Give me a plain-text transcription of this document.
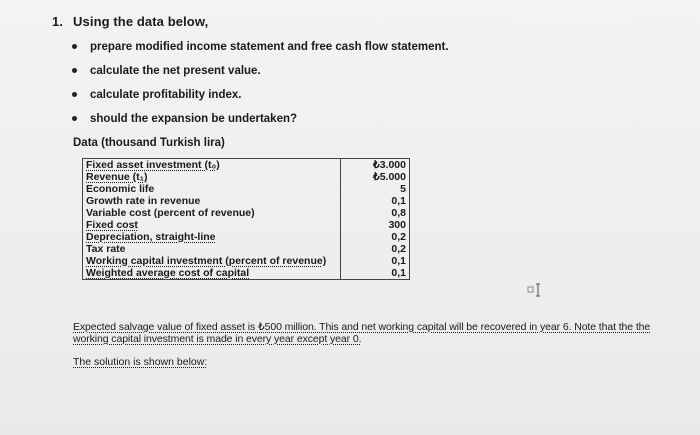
1. Using the data below,
prepare modified income statement and free cash flow statement.
calculate the net present value.
calculate profitability index.
should the expansion be undertaken?
Data (thousand Turkish lira)
Fixed asset investment (t₀)	₺3.000
Revenue (t₁)	₺5.000
Economic life	5
Growth rate in revenue	0,1
Variable cost (percent of revenue)	0,8
Fixed cost	300
Depreciation, straight-line	0,2
Tax rate	0,2
Working capital investment (percent of revenue)	0,1
Weighted average cost of capital	0,1
Expected salvage value of fixed asset is ₺500 million. This and net working capital will be recovered in year 6. Note that the the working capital investment is made in every year except year 0.
The solution is shown below:
